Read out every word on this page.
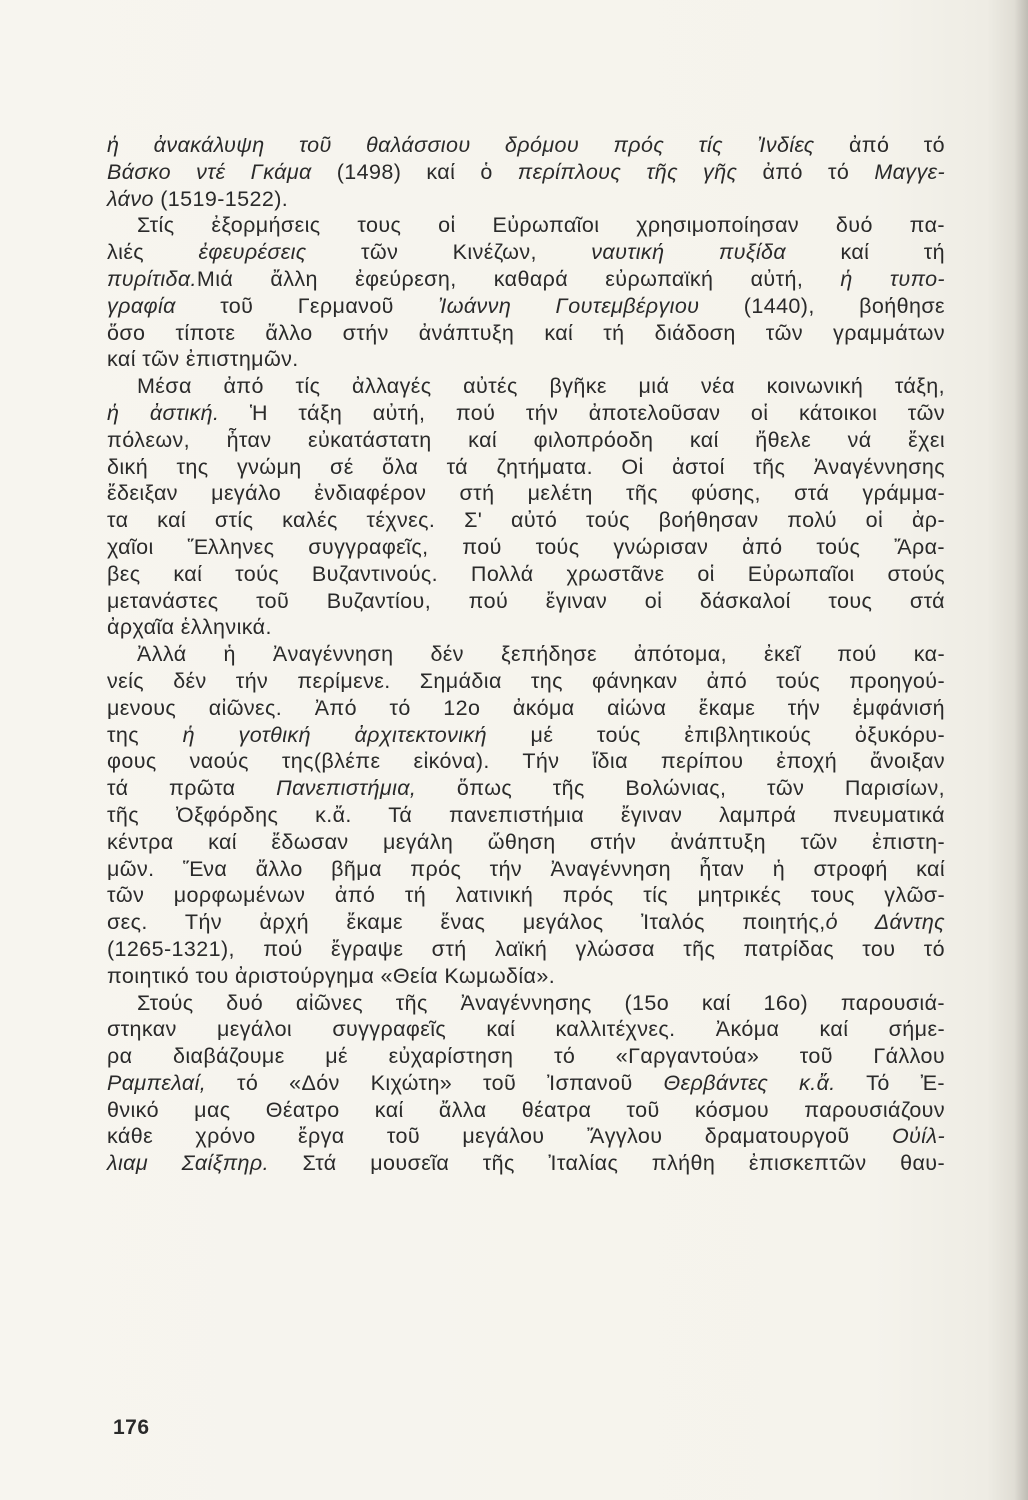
ἡ ἀνακάλυψη τοῦ θαλάσσιου δρόμου πρός τίς Ἰνδίες ἀπό τό
Βάσκο ντέ Γκάμα (1498) καί ὁ περίπλους τῆς γῆς ἀπό τό Μαγγε-
λάνο (1519-1522).
Στίς ἐξορμήσεις τους οἱ Εὐρωπαῖοι χρησιμοποίησαν δυό πα-
λιές ἐφευρέσεις τῶν Κινέζων, ναυτική πυξίδα καί τή
πυρίτιδα.Μιά ἄλλη ἐφεύρεση, καθαρά εὐρωπαϊκή αὐτή, ἡ τυπο-
γραφία τοῦ Γερμανοῦ Ἰωάννη Γουτεμβέργιου (1440), βοήθησε
ὅσο τίποτε ἄλλο στήν ἀνάπτυξη καί τή διάδοση τῶν γραμμάτων
καί τῶν ἐπιστημῶν.
Μέσα ἀπό τίς ἀλλαγές αὐτές βγῆκε μιά νέα κοινωνική τάξη,
ἡ ἀστική. Ἡ τάξη αὐτή, πού τήν ἀποτελοῦσαν οἱ κάτοικοι τῶν
πόλεων, ἦταν εὐκατάστατη καί φιλοπρόοδη καί ἤθελε νά ἔχει
δική της γνώμη σέ ὅλα τά ζητήματα. Οἱ ἀστοί τῆς Ἀναγέννησης
ἔδειξαν μεγάλο ἐνδιαφέρον στή μελέτη τῆς φύσης, στά γράμμα-
τα καί στίς καλές τέχνες. Σ' αὐτό τούς βοήθησαν πολύ οἱ ἀρ-
χαῖοι Ἕλληνες συγγραφεῖς, πού τούς γνώρισαν ἀπό τούς Ἄρα-
βες καί τούς Βυζαντινούς. Πολλά χρωστᾶνε οἱ Εὐρωπαῖοι στούς
μετανάστες τοῦ Βυζαντίου, πού ἔγιναν οἱ δάσκαλοί τους στά
ἀρχαῖα ἑλληνικά.
Ἀλλά ἡ Ἀναγέννηση δέν ξεπήδησε ἀπότομα, ἐκεῖ πού κα-
νείς δέν τήν περίμενε. Σημάδια της φάνηκαν ἀπό τούς προηγού-
μενους αἰῶνες. Ἀπό τό 12ο ἀκόμα αἰώνα ἔκαμε τήν ἐμφάνισή
της ἡ γοτθική ἀρχιτεκτονική μέ τούς ἐπιβλητικούς ὀξυκόρυ-
φους ναούς της(βλέπε εἰκόνα). Τήν ἴδια περίπου ἐποχή ἄνοιξαν
τά πρῶτα Πανεπιστήμια, ὅπως τῆς Βολώνιας, τῶν Παρισίων,
τῆς Ὀξφόρδης κ.ἄ. Τά πανεπιστήμια ἔγιναν λαμπρά πνευματικά
κέντρα καί ἔδωσαν μεγάλη ὤθηση στήν ἀνάπτυξη τῶν ἐπιστη-
μῶν. Ἕνα ἄλλο βῆμα πρός τήν Ἀναγέννηση ἦταν ἡ στροφή καί
τῶν μορφωμένων ἀπό τή λατινική πρός τίς μητρικές τους γλῶσ-
σες. Τήν ἀρχή ἔκαμε ἕνας μεγάλος Ἰταλός ποιητής,ὁ Δάντης
(1265-1321), πού ἔγραψε στή λαϊκή γλώσσα τῆς πατρίδας του τό
ποιητικό του ἀριστούργημα «Θεία Κωμωδία».
Στούς δυό αἰῶνες τῆς Ἀναγέννησης (15ο καί 16ο) παρουσιά-
στηκαν μεγάλοι συγγραφεῖς καί καλλιτέχνες. Ἀκόμα καί σήμε-
ρα διαβάζουμε μέ εὐχαρίστηση τό «Γαργαντούα» τοῦ Γάλλου
Ραμπελαί, τό «Δόν Κιχώτη» τοῦ Ἰσπανοῦ Θερβάντες κ.ἄ. Τό Ἐ-
θνικό μας Θέατρο καί ἄλλα θέατρα τοῦ κόσμου παρουσιάζουν
κάθε χρόνο ἔργα τοῦ μεγάλου Ἄγγλου δραματουργοῦ Οὐίλ-
λιαμ Σαίξπηρ. Στά μουσεῖα τῆς Ἰταλίας πλήθη ἐπισκεπτῶν θαυ-
176
